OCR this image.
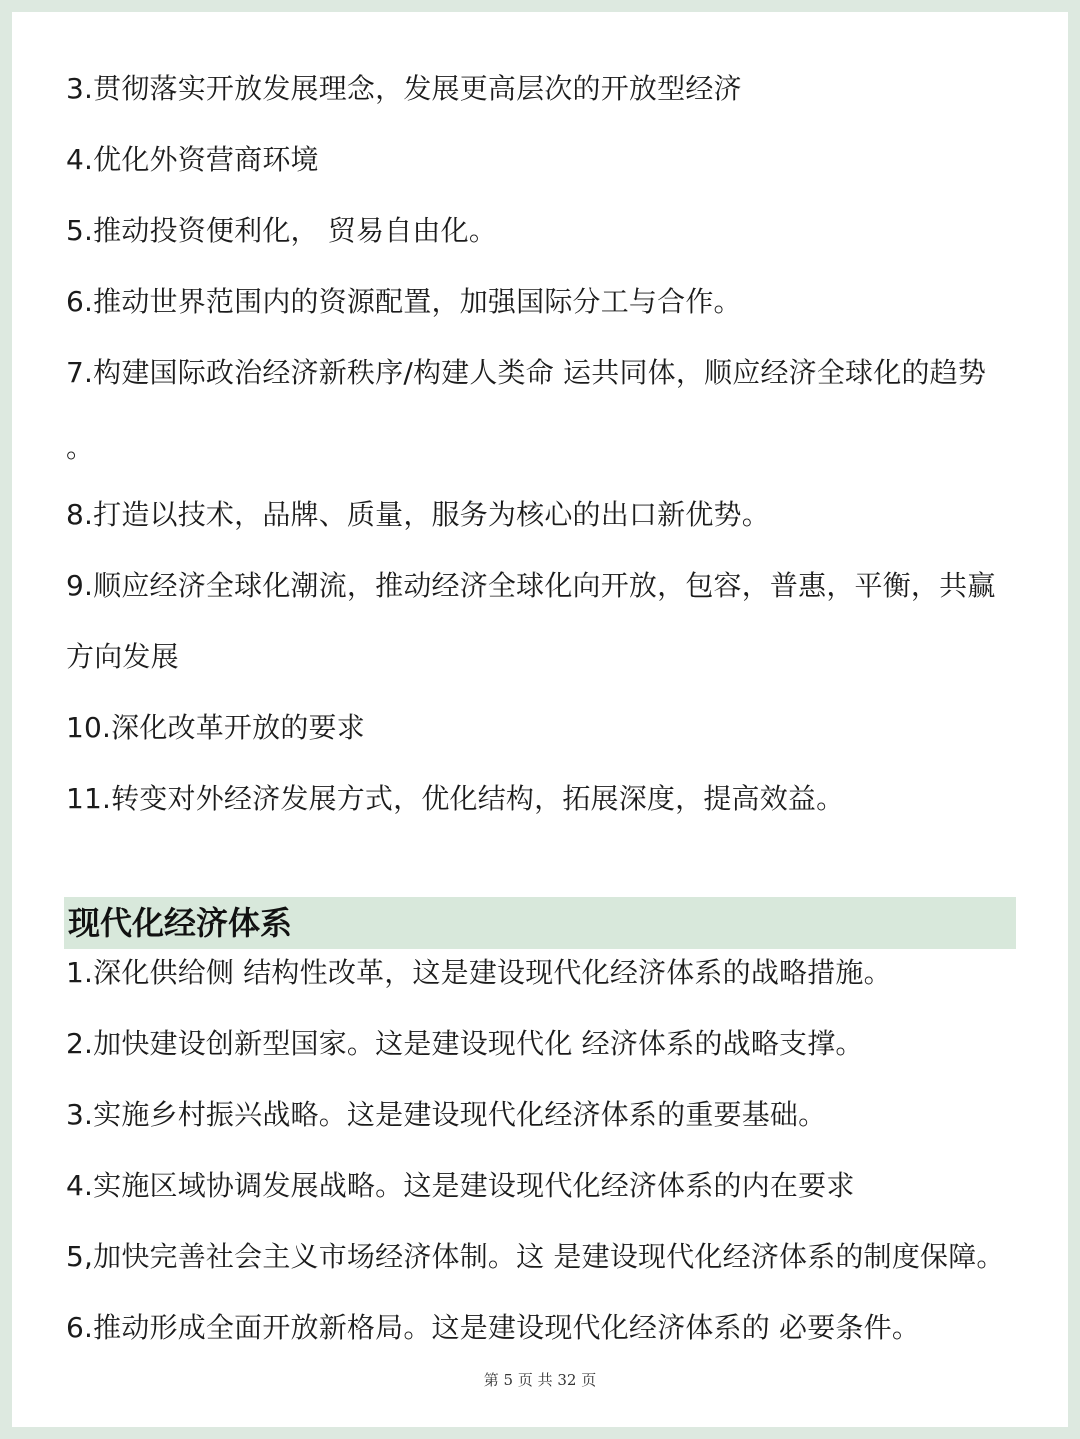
3.贯彻落实开放发展理念，发展更高层次的开放型经济
4.优化外资营商环境
5.推动投资便利化， 贸易自由化。
6.推动世界范围内的资源配置，加强国际分工与合作。
7.构建国际政治经济新秩序/构建人类命 运共同体，顺应经济全球化的趋势
。
8.打造以技术，品牌、质量，服务为核心的出口新优势。
9.顺应经济全球化潮流，推动经济全球化向开放，包容，普惠，平衡，共赢
方向发展
10.深化改革开放的要求
11.转变对外经济发展方式，优化结构，拓展深度，提高效益。
现代化经济体系
1.深化供给侧 结构性改革，这是建设现代化经济体系的战略措施。
2.加快建设创新型国家。这是建设现代化 经济体系的战略支撑。
3.实施乡村振兴战略。这是建设现代化经济体系的重要基础。
4.实施区域协调发展战略。这是建设现代化经济体系的内在要求
5,加快完善社会主义市场经济体制。这 是建设现代化经济体系的制度保障。
6.推动形成全面开放新格局。这是建设现代化经济体系的 必要条件。
第 5 页 共 32 页
